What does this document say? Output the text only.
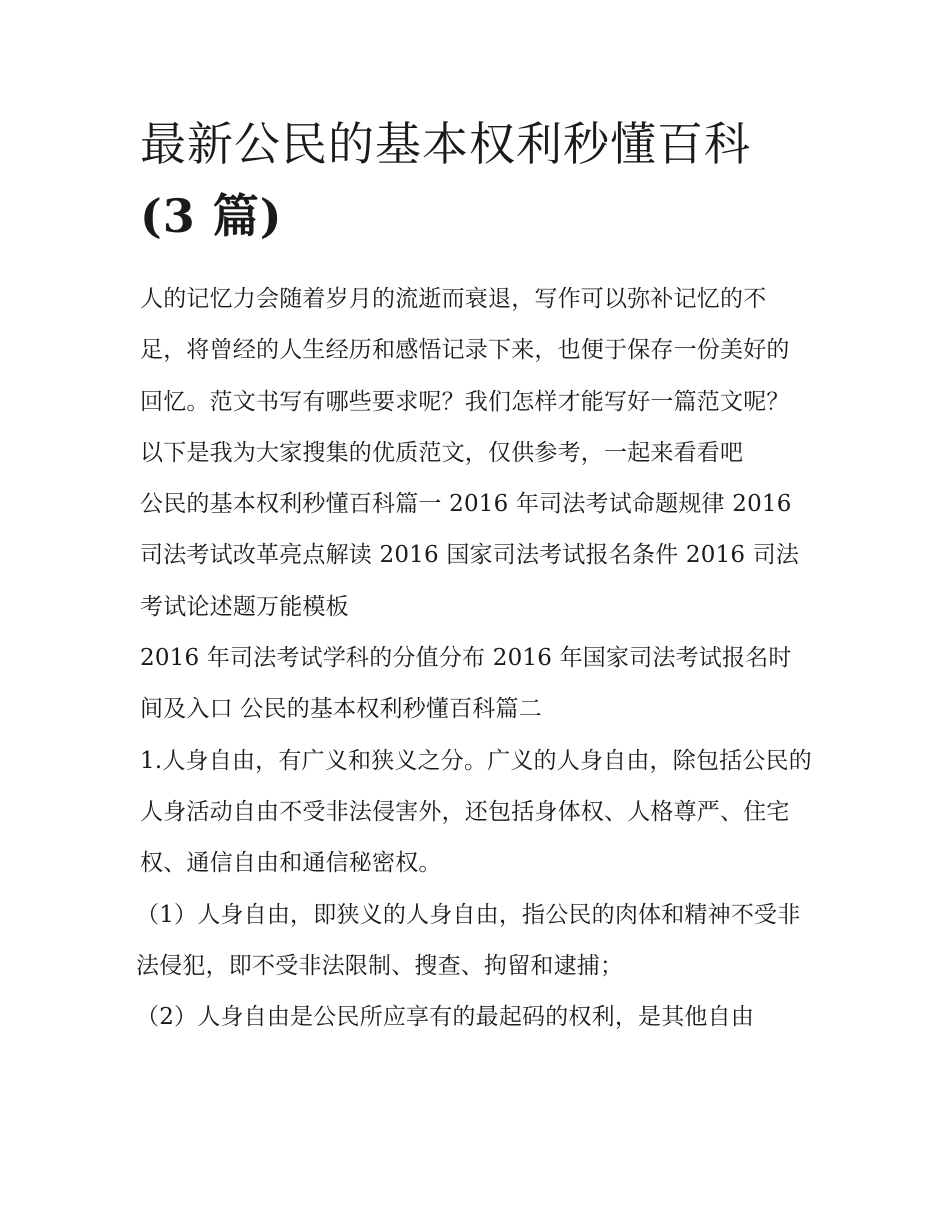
最新公民的基本权利秒懂百科
(3 篇)

人的记忆力会随着岁月的流逝而衰退，写作可以弥补记忆的不足，将曾经的人生经历和感悟记录下来，也便于保存一份美好的回忆。范文书写有哪些要求呢？我们怎样才能写好一篇范文呢？以下是我为大家搜集的优质范文，仅供参考，一起来看看吧

公民的基本权利秒懂百科篇一 2016 年司法考试命题规律 2016 司法考试改革亮点解读 2016 国家司法考试报名条件 2016 司法考试论述题万能模板

2016 年司法考试学科的分值分布 2016 年国家司法考试报名时间及入口 公民的基本权利秒懂百科篇二

1.人身自由，有广义和狭义之分。广义的人身自由，除包括公民的人身活动自由不受非法侵害外，还包括身体权、人格尊严、住宅权、通信自由和通信秘密权。

（1）人身自由，即狭义的人身自由，指公民的肉体和精神不受非法侵犯，即不受非法限制、搜查、拘留和逮捕；

（2）人身自由是公民所应享有的最起码的权利，是其他自由
